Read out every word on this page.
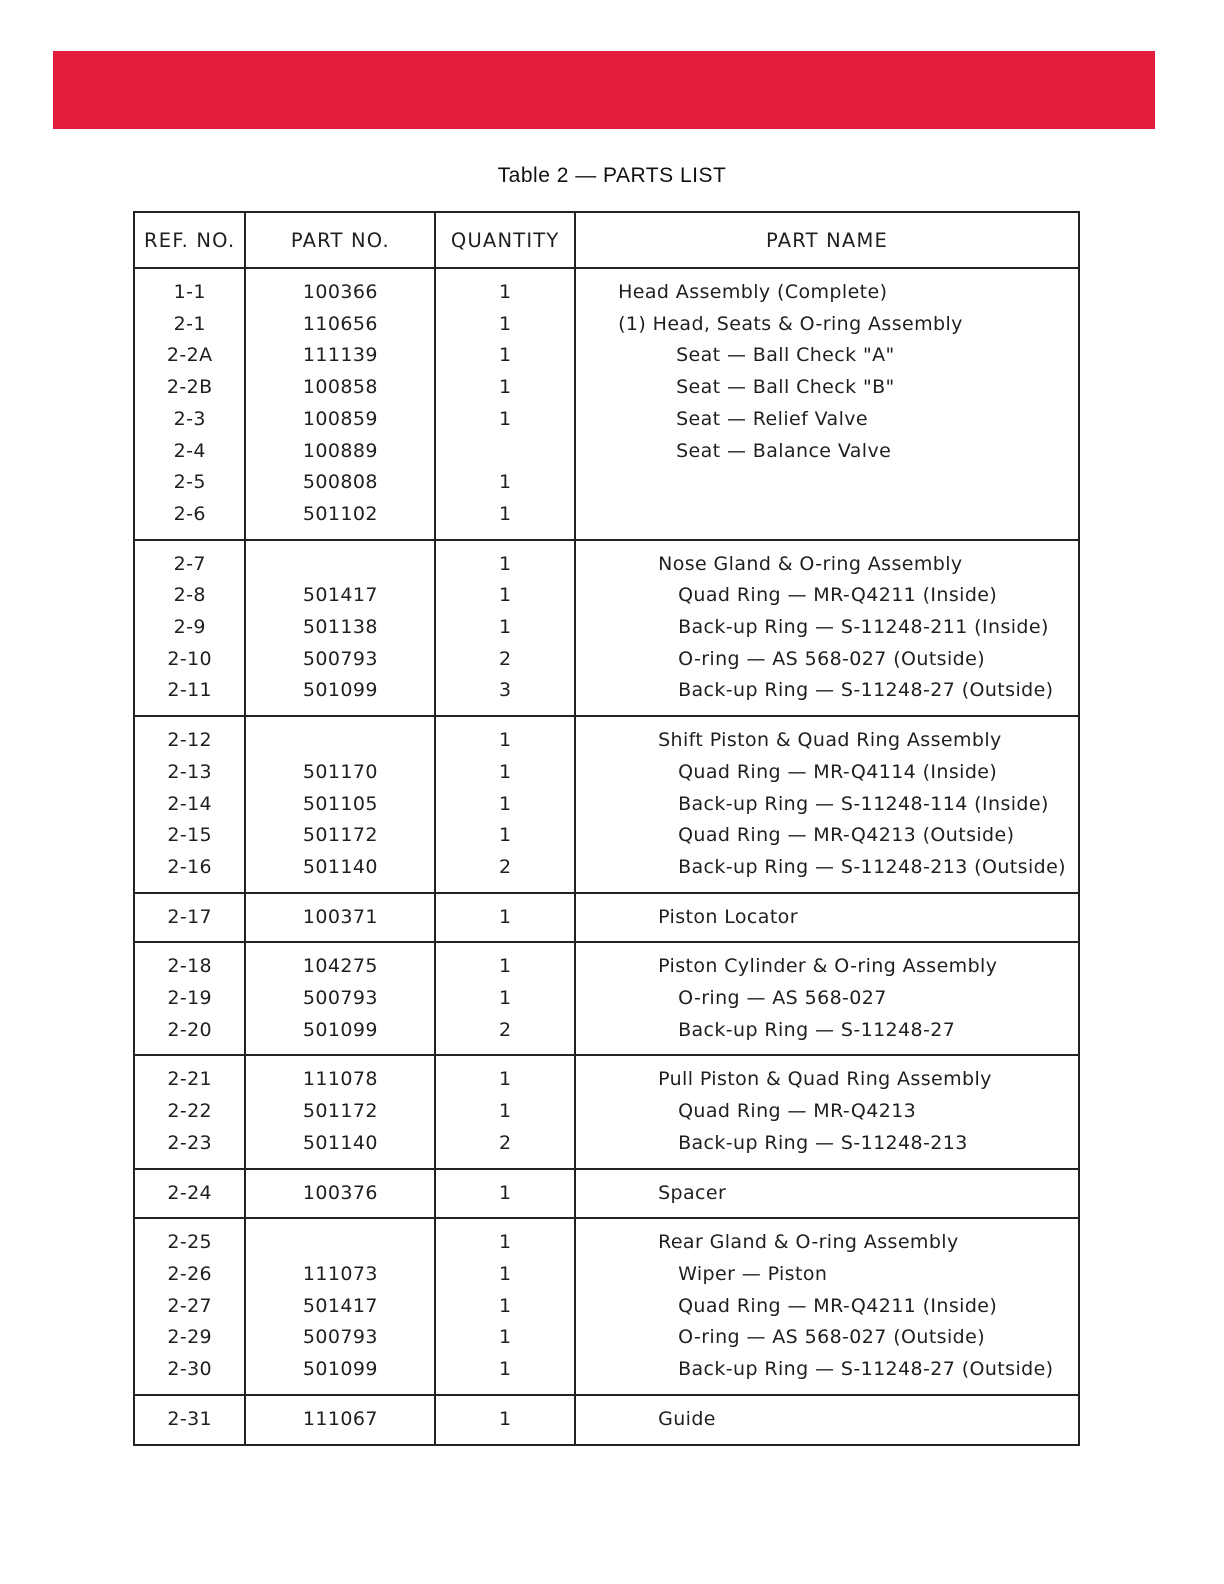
Table 2 — PARTS LIST
REF. NO.	PART NO.	QUANTITY	PART NAME
1-1	100366	1	Head Assembly (Complete)
2-1	110656	1	(1) Head, Seats & O-ring Assembly
2-2A	111139	1	Seat — Ball Check "A"
2-2B	100858	1	Seat — Ball Check "B"
2-3	100859	1	Seat — Relief Valve
2-4	100889		Seat — Balance Valve
2-5	500808	1	
2-6	501102	1	
2-7		1	Nose Gland & O-ring Assembly
2-8	501417	1	Quad Ring — MR-Q4211 (Inside)
2-9	501138	1	Back-up Ring — S-11248-211 (Inside)
2-10	500793	2	O-ring — AS 568-027 (Outside)
2-11	501099	3	Back-up Ring — S-11248-27 (Outside)
2-12		1	Shift Piston & Quad Ring Assembly
2-13	501170	1	Quad Ring — MR-Q4114 (Inside)
2-14	501105	1	Back-up Ring — S-11248-114 (Inside)
2-15	501172	1	Quad Ring — MR-Q4213 (Outside)
2-16	501140	2	Back-up Ring — S-11248-213 (Outside)
2-17	100371	1	Piston Locator
2-18	104275	1	Piston Cylinder & O-ring Assembly
2-19	500793	1	O-ring — AS 568-027
2-20	501099	2	Back-up Ring — S-11248-27
2-21	111078	1	Pull Piston & Quad Ring Assembly
2-22	501172	1	Quad Ring — MR-Q4213
2-23	501140	2	Back-up Ring — S-11248-213
2-24	100376	1	Spacer
2-25		1	Rear Gland & O-ring Assembly
2-26	111073	1	Wiper — Piston
2-27	501417	1	Quad Ring — MR-Q4211 (Inside)
2-29	500793	1	O-ring — AS 568-027 (Outside)
2-30	501099	1	Back-up Ring — S-11248-27 (Outside)
2-31	111067	1	Guide
